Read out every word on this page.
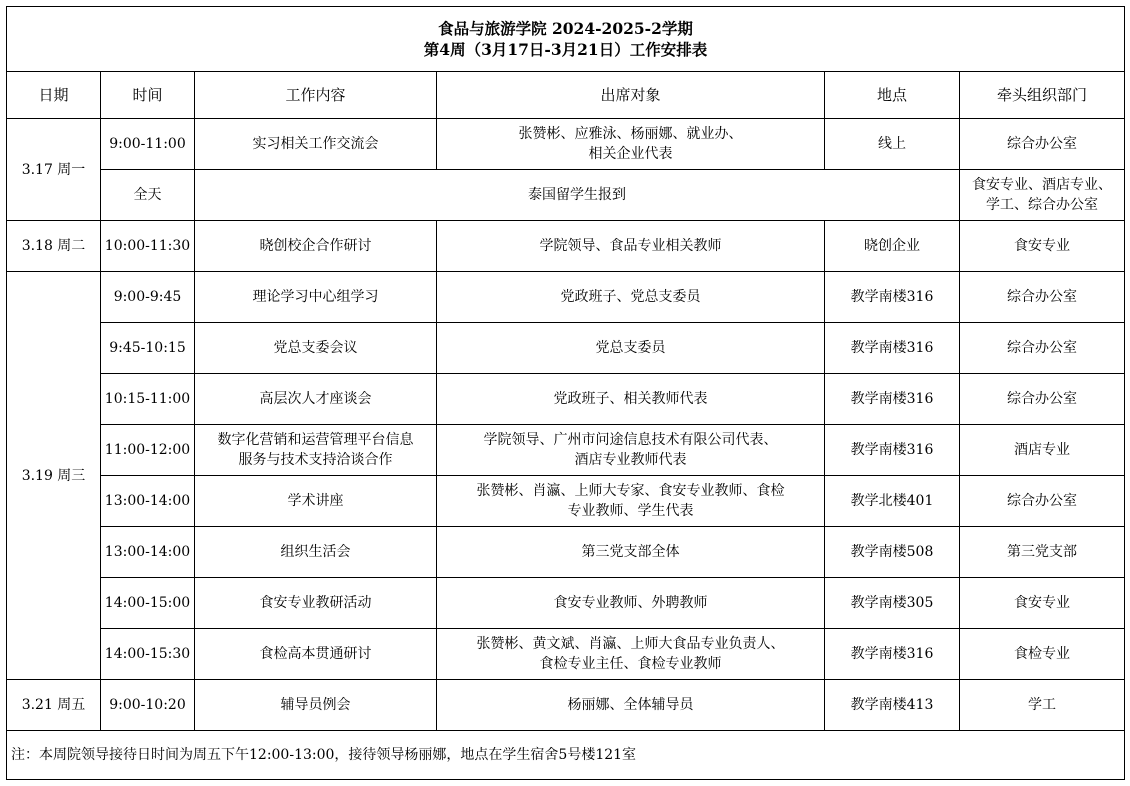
食品与旅游学院 2024-2025-2学期
第4周（3月17日-3月21日）工作安排表					

日期	时间	工作内容	出席对象	地点	牵头组织部门
3.17 周一	9:00-11:00	实习相关工作交流会	张赞彬、应雅泳、杨丽娜、就业办、
相关企业代表	线上	综合办公室
	全天	泰国留学生报到			食安专业、酒店专业、
学工、综合办公室
3.18 周二	10:00-11:30	晓创校企合作研讨	学院领导、食品专业相关教师	晓创企业	食安专业
3.19 周三	9:00-9:45	理论学习中心组学习	党政班子、党总支委员	教学南楼316	综合办公室
	9:45-10:15	党总支委会议	党总支委员	教学南楼316	综合办公室
	10:15-11:00	高层次人才座谈会	党政班子、相关教师代表	教学南楼316	综合办公室
	11:00-12:00	数字化营销和运营管理平台信息
服务与技术支持洽谈合作	学院领导、广州市问途信息技术有限公司代表、
酒店专业教师代表	教学南楼316	酒店专业
	13:00-14:00	学术讲座	张赞彬、肖瀛、上师大专家、食安专业教师、食检
专业教师、学生代表	教学北楼401	综合办公室
	13:00-14:00	组织生活会	第三党支部全体	教学南楼508	第三党支部
	14:00-15:00	食安专业教研活动	食安专业教师、外聘教师	教学南楼305	食安专业
	14:00-15:30	食检高本贯通研讨	张赞彬、黄文斌、肖瀛、上师大食品专业负责人、
食检专业主任、食检专业教师	教学南楼316	食检专业
3.21 周五	9:00-10:20	辅导员例会	杨丽娜、全体辅导员	教学南楼413	学工
注：本周院领导接待日时间为周五下午12:00-13:00，接待领导杨丽娜，地点在学生宿舍5号楼121室					
